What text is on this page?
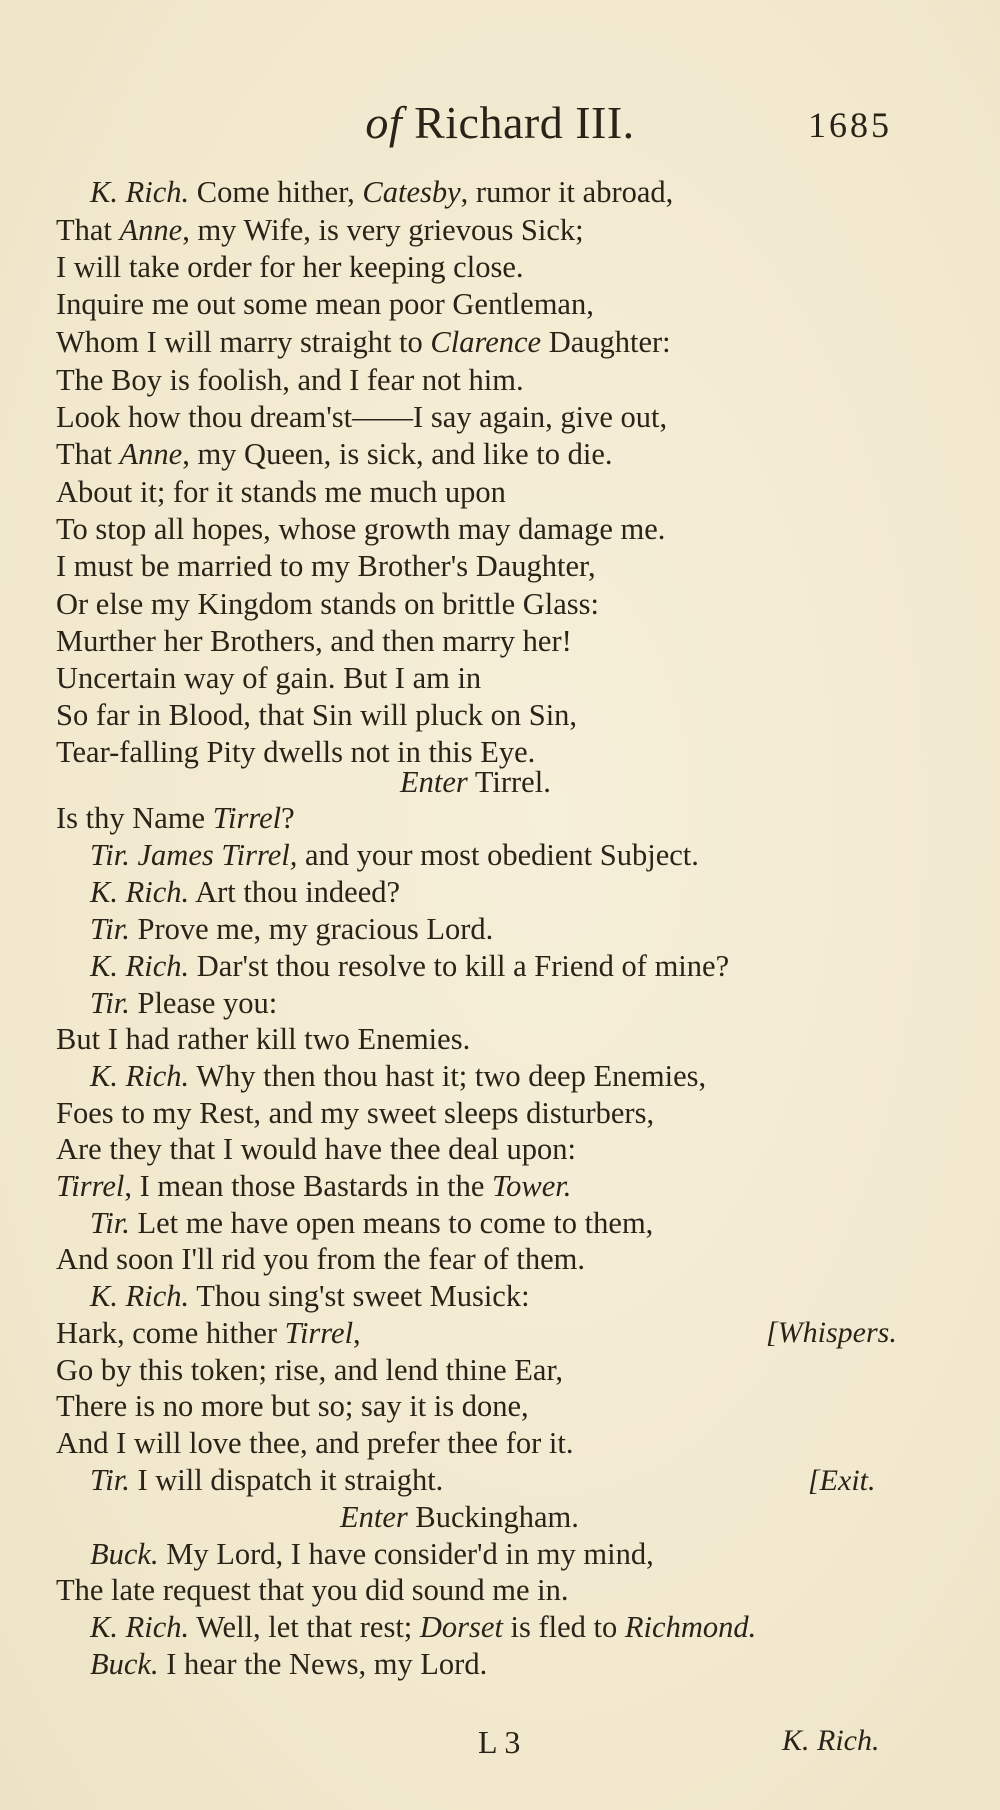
of Richard III.	1685
K. Rich. Come hither, Catesby, rumor it abroad,
That Anne, my Wife, is very grievous Sick;
I will take order for her keeping close.
Inquire me out some mean poor Gentleman,
Whom I will marry straight to Clarence Daughter:
The Boy is foolish, and I fear not him.
Look how thou dream'st——I say again, give out,
That Anne, my Queen, is sick, and like to die.
About it; for it stands me much upon
To stop all hopes, whose growth may damage me.
I must be married to my Brother's Daughter,
Or else my Kingdom stands on brittle Glass:
Murther her Brothers, and then marry her!
Uncertain way of gain. But I am in
So far in Blood, that Sin will pluck on Sin,
Tear-falling Pity dwells not in this Eye.
Enter Tirrel.
Is thy Name Tirrel?
Tir. James Tirrel, and your most obedient Subject.
K. Rich. Art thou indeed?
Tir. Prove me, my gracious Lord.
K. Rich. Dar'st thou resolve to kill a Friend of mine?
Tir. Please you:
But I had rather kill two Enemies.
K. Rich. Why then thou hast it; two deep Enemies,
Foes to my Rest, and my sweet sleeps disturbers,
Are they that I would have thee deal upon:
Tirrel, I mean those Bastards in the Tower.
Tir. Let me have open means to come to them,
And soon I'll rid you from the fear of them.
K. Rich. Thou sing'st sweet Musick:
Hark, come hither Tirrel,
Go by this token; rise, and lend thine Ear,
There is no more but so; say it is done,
And I will love thee, and prefer thee for it.
Tir. I will dispatch it straight.
Enter Buckingham.
Buck. My Lord, I have consider'd in my mind,
The late request that you did sound me in.
K. Rich. Well, let that rest; Dorset is fled to Richmond.
Buck. I hear the News, my Lord.
[Whispers.
[Exit.
L 3	K. Rich.
